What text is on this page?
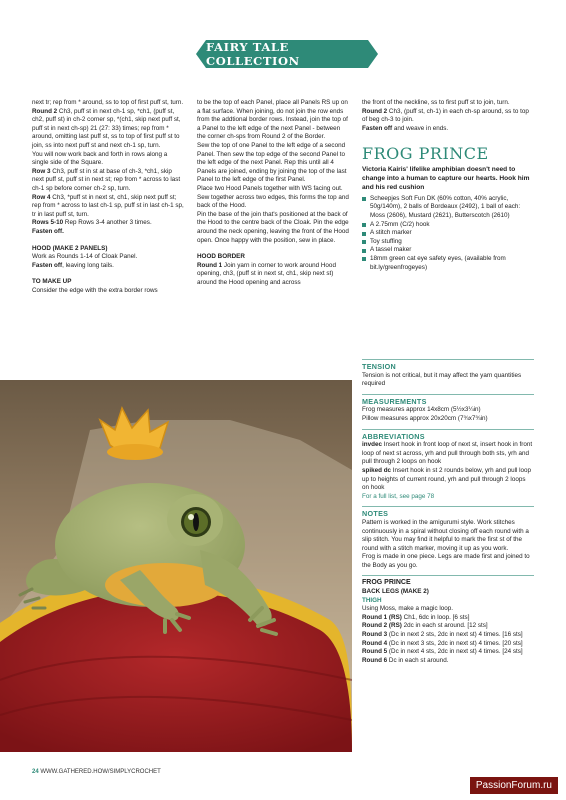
FAIRY TALE COLLECTION

next tr; rep from * around, ss to top of first puff st, turn.

Round 2 Ch3, puff st in next ch-1 sp, *ch1, (puff st, ch2, puff st) in ch-2 corner sp, *(ch1, skip next puff st, puff st in next ch-sp) 21 (27: 33) times; rep from * around, omitting last puff st, ss to top of first puff st to join, ss into next puff st and next ch-1 sp, turn.

You will now work back and forth in rows along a single side of the Square.

Row 3 Ch3, puff st in st at base of ch-3, *ch1, skip next puff st, puff st in next st; rep from * across to last ch-1 sp before corner ch-2 sp, turn.

Row 4 Ch3, *puff st in next st, ch1, skip next puff st; rep from * across to last ch-1 sp, puff st in last ch-1 sp, tr in last puff st, turn.

Rows 5-10 Rep Rows 3-4 another 3 times.

Fasten off.

HOOD (MAKE 2 PANELS)

Work as Rounds 1-14 of Cloak Panel.

Fasten off, leaving long tails.

TO MAKE UP

Consider the edge with the extra border rows

to be the top of each Panel, place all Panels RS up on a flat surface. When joining, do not join the row ends from the addtional border rows. Instead, join the top of a Panel to the left edge of the next Panel - between the corner ch-sps from Round 2 of the Border.

Sew the top of one Panel to the left edge of a second Panel. Then sew the top edge of the second Panel to the left edge of the next Panel. Rep this until all 4 Panels are joined, ending by joining the top of the last Panel to the left edge of the first Panel.

Place two Hood Panels together with WS facing out. Sew together across two edges, this forms the top and back of the Hood.

Pin the base of the join that's positioned at the back of the Hood to the centre back of the Cloak. Pin the edge around the neck opening, leaving the front of the Hood open. Once happy with the position, sew in place.

HOOD BORDER

Round 1 Join yarn in corner to work around Hood opening, ch3, (puff st in next st, ch1, skip next st) around the Hood opening and across

the front of the neckline, ss to first puff st to join, turn.

Round 2 Ch3, (puff st, ch-1) in each ch-sp around, ss to top of beg ch-3 to join.

Fasten off and weave in ends.

FROG PRINCE

Victoria Kairis' lifelike amphibian doesn't need to change into a human to capture our hearts. Hook him and his red cushion

Scheepjes Soft Fun DK (60% cotton, 40% acrylic, 50g/140m), 2 balls of Bordeaux (2492), 1 ball of each: Moss (2606), Mustard (2621), Butterscotch (2610)
A 2.75mm (C/2) hook
A stitch marker
Toy stuffing
A tassel maker
18mm green cat eye safety eyes, (available from bit.ly/greenfrogeyes)

TENSION

Tension is not critical, but it may affect the yarn quantities required

MEASUREMENTS

Frog measures approx 14x8cm (5½x3¼in)

Pillow measures approx 20x20cm (7¾x7¾in)

ABBREVIATIONS

invdec Insert hook in front loop of next st, insert hook in front loop of next st across, yrh and pull through both sts, yrh and pull through 2 loops on hook

spiked dc Insert hook in st 2 rounds below, yrh and pull loop up to heights of current round, yrh and pull through 2 loops on hook

For a full list, see page 78

NOTES

Pattern is worked in the amigurumi style. Work stitches continuously in a spiral without closing off each round with a slip stitch. You may find it helpful to mark the first st of the round with a stitch marker, moving it up as you work.

Frog is made in one piece. Legs are made first and joined to the Body as you go.

FROG PRINCE

BACK LEGS (MAKE 2)

THIGH

Using Moss, make a magic loop.

Round 1 (RS) Ch1, 6dc in loop. [6 sts]

Round 2 (RS) 2dc in each st around. [12 sts]

Round 3 (Dc in next 2 sts, 2dc in next st) 4 times. [16 sts]

Round 4 (Dc in next 3 sts, 2dc in next st) 4 times. [20 sts]

Round 5 (Dc in next 4 sts, 2dc in next st) 4 times. [24 sts]

Round 6 Dc in each st around.

24 WWW.GATHERED.HOW/SIMPLYCROCHET
PassionForum.ru
